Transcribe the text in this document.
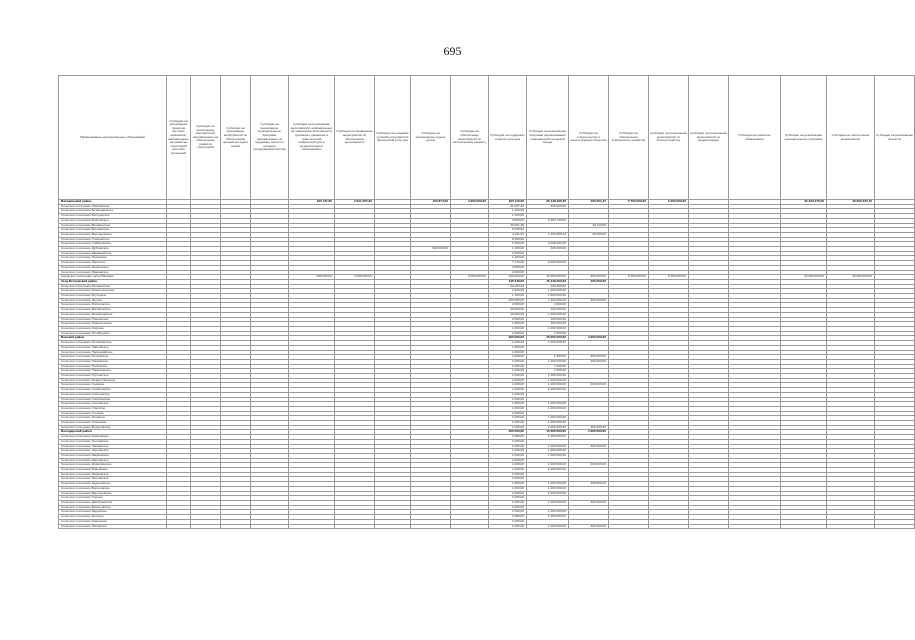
695
Наименование муниципальных образований	Субсидии на реализацию проектов местных инициатив, направленных на развитие территорий сельских поселений	Субсидии на реализацию мероприятий, направленных на обеспечение развития территорий	Субсидии на реализацию мероприятий по обеспечению жильём молодых семей	Субсидии на реализацию муниципальных программ, направленных на поддержку малого и среднего предпринимательства	Субсидии на реализацию мероприятий, направленных на повышение безопасности дорожного движения и транспортной инфраструктуры в муниципальных образованиях	Субсидии на проведение мероприятий по обеспечению деятельности	Субсидии на создание условий для развития физической культуры	Субсидии на организацию отдыха детей	Субсидии на обеспечение мероприятий по капитальному ремонту	Субсидии на поддержку отрасли культуры	Субсидии на реализацию программ формирования современной городской среды	Субсидии на строительство и реконструкцию объектов	Субсидии на обеспечение комплексного развития	Субсидии на реализацию мероприятий по благоустройству	Субсидии на реализацию мероприятий по модернизации	Субсидии на развитие образования	Субсидии на реализацию муниципальных программ	Субсидии на обеспечение мероприятий	Субсидии на реализацию проектов
Ватажинский район					100 711,65	4 021 097,30		100 874,00	4 000 000,00	100 116,00	20 148 235,25	100 251,47	5 700 000,00	5 000 000,00			22 233 075,00	40 000 237,10	
Сельское поселение Абашевское										11 507,40	100 020,00								
Сельское поселение Безводнинское										1 100,00									
Сельское поселение Богородское										1 400,05									
Сельское поселение Бобровское										4 800,00	2 000 745,00								
Сельское поселение Ватажинское										40 001,36		40 110,00							
Сельское поселение Вишнёвское										6 000,00									
Сельское поселение Воронцовское										4 011,62	4 100 085,23	40 250,00							
Сельское поселение Глинковское										8 490,00									
Сельское поселение Горбатовское										1 500,00	4 000 042,00								
Сельское поселение Дубровское								500 000,00		1 100,00	405 000,00								
Сельское поселение Ефимьевское										1 500,00									
Сельское поселение Жуковское										1 100,00									
Сельское поселение Заречное										7 710,00	9 006 000,00								
Сельское поселение Знаменское										2 500,00									
Сельское поселение Ивановское										2 000,00									
Городское поселение город Ватажин					500 000,00	4 000 000,00			4 000 000,00	100 000,00	10 000 000,00	400 000,00	5 000 000,00	5 000 000,00			22 000 000,00	40 000 000,00	
Уезд Ветлужский район										445 549,00	15 449 000,00	400 000,00							
Сельское поселение Калининское										40 100,00	100 000,00								
Сельское поселение Красносельское										2 460,00	1 000 000,00								
Сельское поселение Крутецкое										1 100,00	1 500 000,00								
Сельское поселение Лесное										100 005,00	7 400 000,00	400 000,00							
Сельское поселение Лопатинское										2 000,00	4 000,00								
Сельское поселение Малиновское										20 000,00	100 000,00								
Сельское поселение Михайловское										10 000,00	1 400 000,00								
Сельское поселение Никольское										2 000,00	100 000,00								
Сельское поселение Новосельское										1 000,00	100 000,00								
Сельское поселение Озёрное										1 000,00	1 000 000,00								
Сельское поселение Октябрьское										1 000,00	1 000,00								
Борский район										400 000,00	15 000 000,00	4 000 000,00							
Сельское поселение Останкинское										1 000,00	1 000 000,00								
Сельское поселение Павловское										1 000,00									
Сельское поселение Первомайское										1 000,00									
Сельское поселение Петровское										1 000,00	1 000,00	400 000,00							
Сельское поселение Покровское										1 000,00	1 000 000,00	400 000,00							
Сельское поселение Полянское										1 000,00	1 000,00								
Сельское поселение Приволжское										1 000,00	1 000,00								
Сельское поселение Пустынское										1 000,00	1 000 000,00								
Сельское поселение Рождественское										1 000,00	1 000 000,00								
Сельское поселение Садовое										1 000,00	1 000 000,00	400 000,00							
Сельское поселение Семёновское										1 000,00	1 000 000,00								
Сельское поселение Сергеевское										1 000,00									
Сельское поселение Соколовское										1 000,00									
Сельское поселение Сосновское										1 000,00	1 000 000,00								
Сельское поселение Спасское										1 000,00	1 000 000,00								
Сельское поселение Степное										1 000,00									
Сельское поселение Троицкое										1 000,00	1 000 000,00								
Сельское поселение Успенское										1 000,00	1 000 000,00								
Сельское поселение Федоровское										1 000,00	1 000 000,00	400 000,00							
Володарский район										400 000,00	15 000 000,00	4 000 000,00							
Сельское поселение Хмелевское										1 000,00	1 000 000,00								
Сельское поселение Хохловское										1 000,00									
Сельское поселение Чапаевское										1 000,00	1 000 000,00	400 000,00							
Сельское поселение Черновское										1 000,00	1 000 000,00								
Сельское поселение Шарковское										1 000,00	1 000 000,00								
Сельское поселение Шатковское										1 000,00									
Сельское поселение Шумилинское										1 000,00	1 000 000,00	400 000,00							
Сельское поселение Юрьевское										1 000,00	1 000 000,00								
Сельское поселение Якимовское										1 000,00									
Сельское поселение Ясеневское										1 000,00									
Сельское поселение Андреевское										1 000,00	1 000 000,00	400 000,00							
Сельское поселение Березовское										1 000,00	1 000 000,00								
Сельское поселение Васильевское										1 000,00	1 000 000,00								
Сельское поселение Горское										1 000,00									
Сельское поселение Дмитриевское										1 000,00	1 000 000,00	400 000,00							
Сельское поселение Ермоловское										1 000,00									
Сельское поселение Задонское										1 000,00	1 000 000,00								
Сельское поселение Зеленое										1 000,00	1 000 000,00								
Сельское поселение Каменское										1 000,00									
Сельское поселение Липовское										1 000,00	1 000 000,00	400 000,00							
